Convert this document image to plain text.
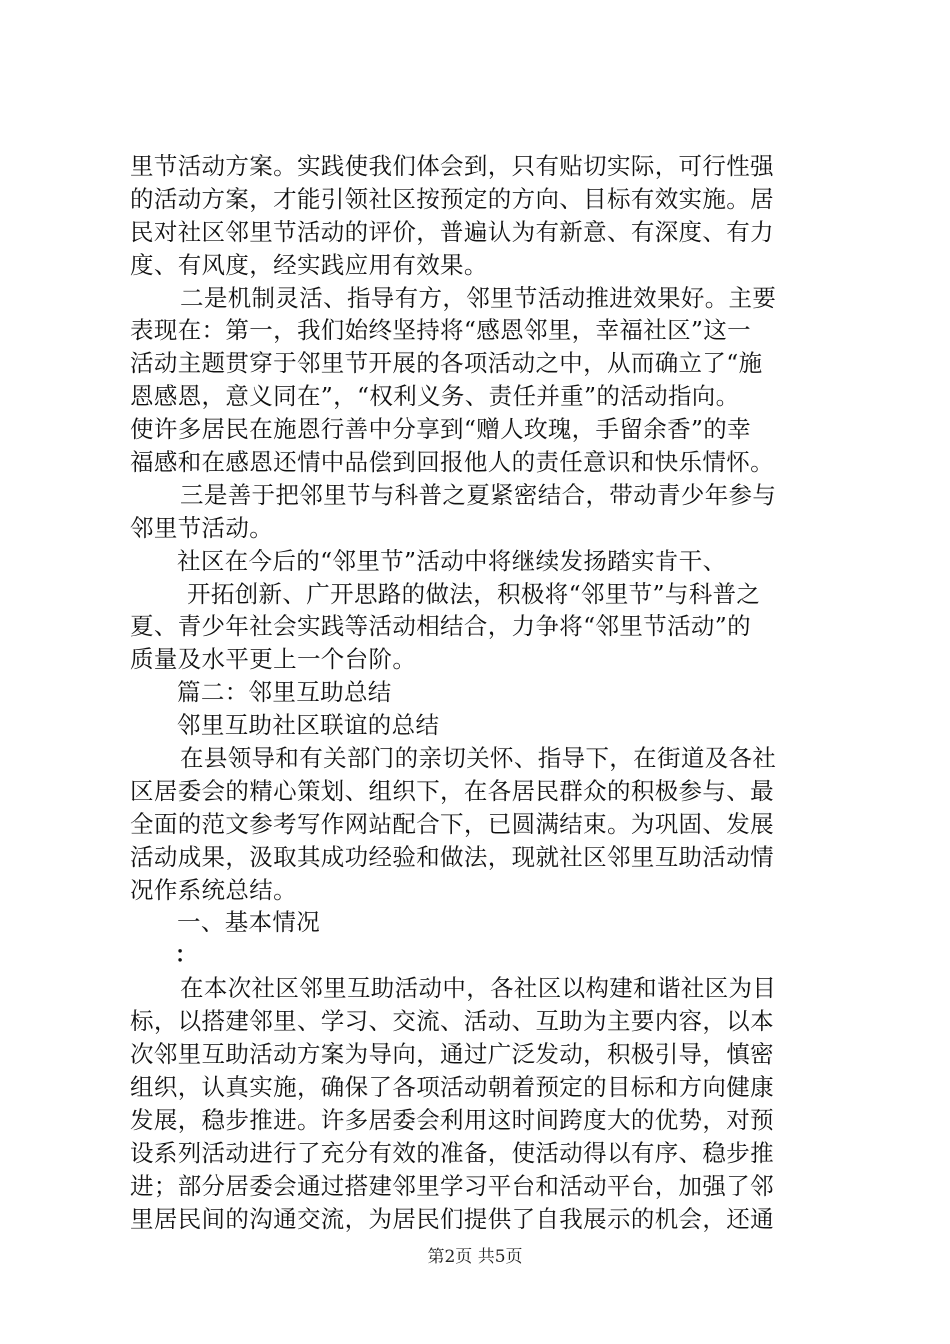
里节活动方案。实践使我们体会到，只有贴切实际，可行性强
的活动方案，才能引领社区按预定的方向、目标有效实施。居
民对社区邻里节活动的评价，普遍认为有新意、有深度、有力
度、有风度，经实践应用有效果。
二是机制灵活、指导有方，邻里节活动推进效果好。主要
表现在：第一，我们始终坚持将“感恩邻里，幸福社区”这一
活动主题贯穿于邻里节开展的各项活动之中，从而确立了“施
恩感恩，意义同在”，“权利义务、责任并重”的活动指向。
使许多居民在施恩行善中分享到“赠人玫瑰，手留余香”的幸
福感和在感恩还情中品偿到回报他人的责任意识和快乐情怀。
三是善于把邻里节与科普之夏紧密结合，带动青少年参与
邻里节活动。
社区在今后的“邻里节”活动中将继续发扬踏实肯干、
开拓创新、广开思路的做法，积极将“邻里节”与科普之
夏、青少年社会实践等活动相结合，力争将“邻里节活动”的
质量及水平更上一个台阶。
篇二：邻里互助总结
邻里互助社区联谊的总结
在县领导和有关部门的亲切关怀、指导下，在街道及各社
区居委会的精心策划、组织下，在各居民群众的积极参与、最
全面的范文参考写作网站配合下，已圆满结束。为巩固、发展
活动成果，汲取其成功经验和做法，现就社区邻里互助活动情
况作系统总结。
一、基本情况
：
在本次社区邻里互助活动中，各社区以构建和谐社区为目
标，以搭建邻里、学习、交流、活动、互助为主要内容，以本
次邻里互助活动方案为导向，通过广泛发动，积极引导，慎密
组织，认真实施，确保了各项活动朝着预定的目标和方向健康
发展，稳步推进。许多居委会利用这时间跨度大的优势，对预
设系列活动进行了充分有效的准备，使活动得以有序、稳步推
进；部分居委会通过搭建邻里学习平台和活动平台，加强了邻
里居民间的沟通交流，为居民们提供了自我展示的机会，还通
第2页 共5页
